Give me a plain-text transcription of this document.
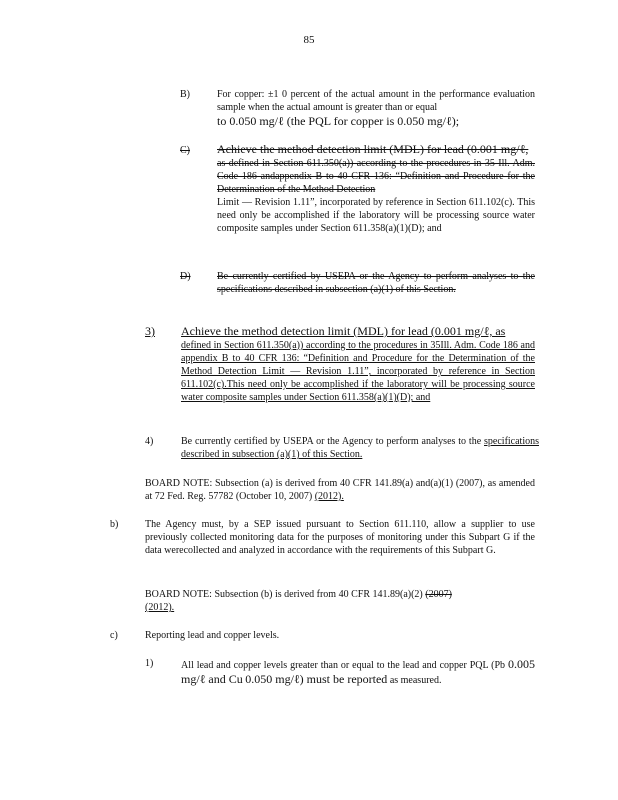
85
B)	For copper: ±1 0 percent of the actual amount in the performance evaluation sample when the actual amount is greater than or equal

to 0.050 mg/ℓ (the PQL for copper is 0.050 mg/ℓ);

C) Achieve the method detection limit (MDL) for lead (0.001 mg/ℓ,

as defined in Section 611.350(a)) according to the procedures in 35 Ill. Adm. Code 186 andappendix B to 40 CFR 136: “Definition and Procedure for the Determination of the Method Detection

Limit — Revision 1.11”, incorporated by reference in Section 611.102(c). This need only be accomplished if the laboratory will be processing source water composite samples under Section 611.358(a)(1)(D); and

D)	Be currently certified by USEPA or the Agency to perform analyses to the specifications described in subsection (a)(1) of this Section.
3) Achieve the method detection limit (MDL) for lead (0.001 mg/ℓ, as

defined in Section 611.350(a)) according to the procedures in 35Ill. Adm. Code 186 and appendix B to 40 CFR 136: “Definition and Procedure for the Determination of the Method Detection Limit — Revision 1.11”, incorporated by reference in Section 611.102(c).This need only be accomplished if the laboratory will be processing source water composite samples under Section 611.358(a)(1)(D); and

4)	Be currently certified by USEPA or the Agency to perform analyses to the specifications described in subsection (a)(1) of this Section.
BOARD NOTE: Subsection (a) is derived from 40 CFR 141.89(a) and(a)(1) (2007), as amended at 72 Fed. Reg. 57782 (October 10, 2007) (2012).
b)	The Agency must, by a SEP issued pursuant to Section 611.110, allow a supplier to use previously collected monitoring data for the purposes of monitoring under this Subpart G if the data werecollected and analyzed in accordance with the requirements of this Subpart G.
BOARD NOTE: Subsection (b) is derived from 40 CFR 141.89(a)(2) (2007)
(2012).
c)	Reporting lead and copper levels.
1)	All lead and copper levels greater than or equal to the lead and copper PQL (Pb 0.005 mg/ℓ and Cu 0.050 mg/ℓ) must be reported as measured.
